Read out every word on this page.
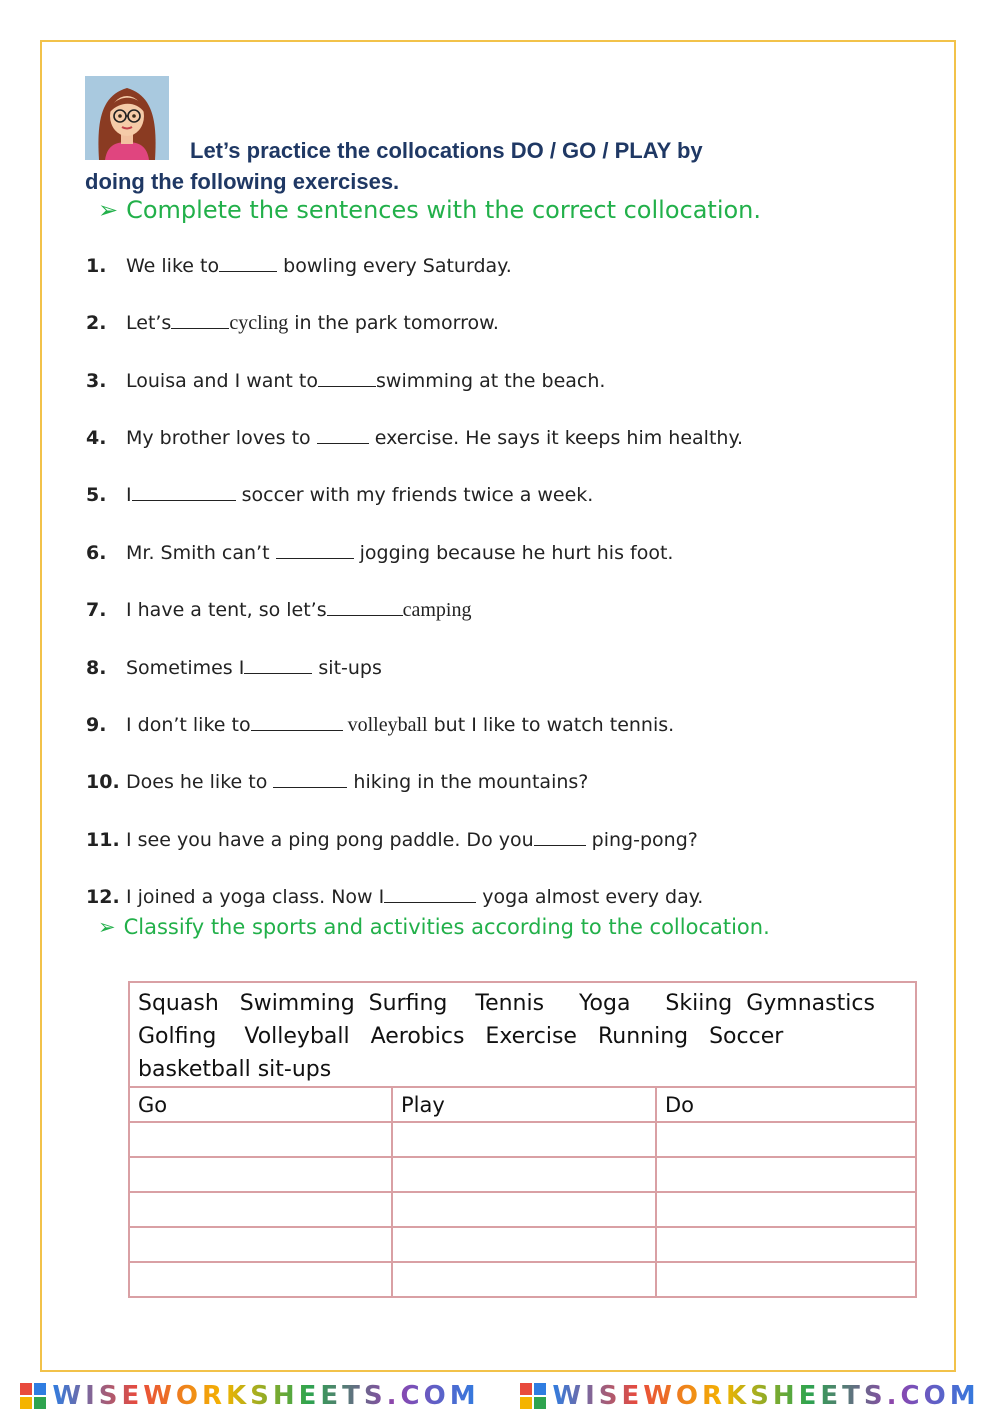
Let’s practice the collocations DO / GO / PLAY by
doing the following exercises.
➢ Complete the sentences with the correct collocation.
1. We like to	bowling every Saturday.
2. Let’s	cycling in the park tomorrow.
3. Louisa and I want to	swimming at the beach.
4. My brother loves to	exercise. He says it keeps him healthy.
5. I	soccer with my friends twice a week.
6. Mr. Smith can’t	jogging because he hurt his foot.
7. I have a tent, so let’s	camping
8. Sometimes I	sit-ups
9. I don’t like to	volleyball but I like to watch tennis.
10. Does he like to	hiking in the mountains?
11. I see you have a ping pong paddle. Do you	ping-pong?
12. I joined a yoga class. Now I	yoga almost every day.
➢ Classify the sports and activities according to the collocation.
Squash   Swimming  Surfing    Tennis     Yoga     Skiing  Gymnastics
Golfing    Volleyball   Aerobics   Exercise   Running   Soccer
basketball sit-ups		

Go	Play	Do

WISEWORKSHEETS.COM	WISEWORKSHEETS.COM
